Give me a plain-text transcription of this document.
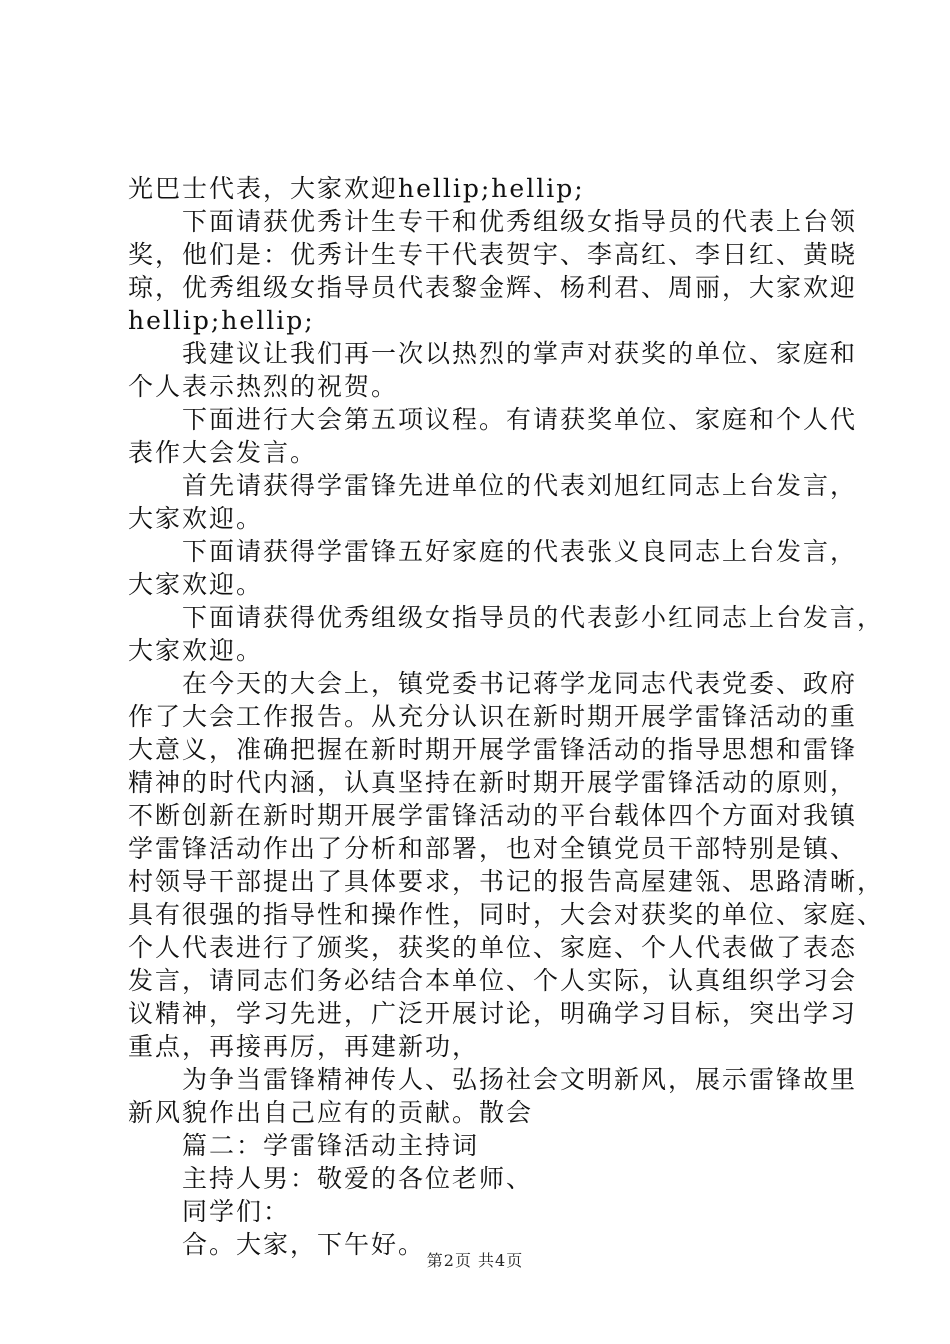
光巴士代表，大家欢迎hellip;hellip;
下面请获优秀计生专干和优秀组级女指导员的代表上台领
奖，他们是：优秀计生专干代表贺宇、李高红、李日红、黄晓
琼，优秀组级女指导员代表黎金辉、杨利君、周丽，大家欢迎
hellip;hellip;
我建议让我们再一次以热烈的掌声对获奖的单位、家庭和
个人表示热烈的祝贺。
下面进行大会第五项议程。有请获奖单位、家庭和个人代
表作大会发言。
首先请获得学雷锋先进单位的代表刘旭红同志上台发言，
大家欢迎。
下面请获得学雷锋五好家庭的代表张义良同志上台发言，
大家欢迎。
下面请获得优秀组级女指导员的代表彭小红同志上台发言，
大家欢迎。
在今天的大会上，镇党委书记蒋学龙同志代表党委、政府
作了大会工作报告。从充分认识在新时期开展学雷锋活动的重
大意义，准确把握在新时期开展学雷锋活动的指导思想和雷锋
精神的时代内涵，认真坚持在新时期开展学雷锋活动的原则，
不断创新在新时期开展学雷锋活动的平台载体四个方面对我镇
学雷锋活动作出了分析和部署，也对全镇党员干部特别是镇、
村领导干部提出了具体要求，书记的报告高屋建瓴、思路清晰，
具有很强的指导性和操作性，同时，大会对获奖的单位、家庭、
个人代表进行了颁奖，获奖的单位、家庭、个人代表做了表态
发言，请同志们务必结合本单位、个人实际，认真组织学习会
议精神，学习先进，广泛开展讨论，明确学习目标，突出学习
重点，再接再厉，再建新功，
为争当雷锋精神传人、弘扬社会文明新风，展示雷锋故里
新风貌作出自己应有的贡献。散会
篇二：学雷锋活动主持词
主持人男：敬爱的各位老师、
同学们：
合。大家，下午好。
第2页 共4页
